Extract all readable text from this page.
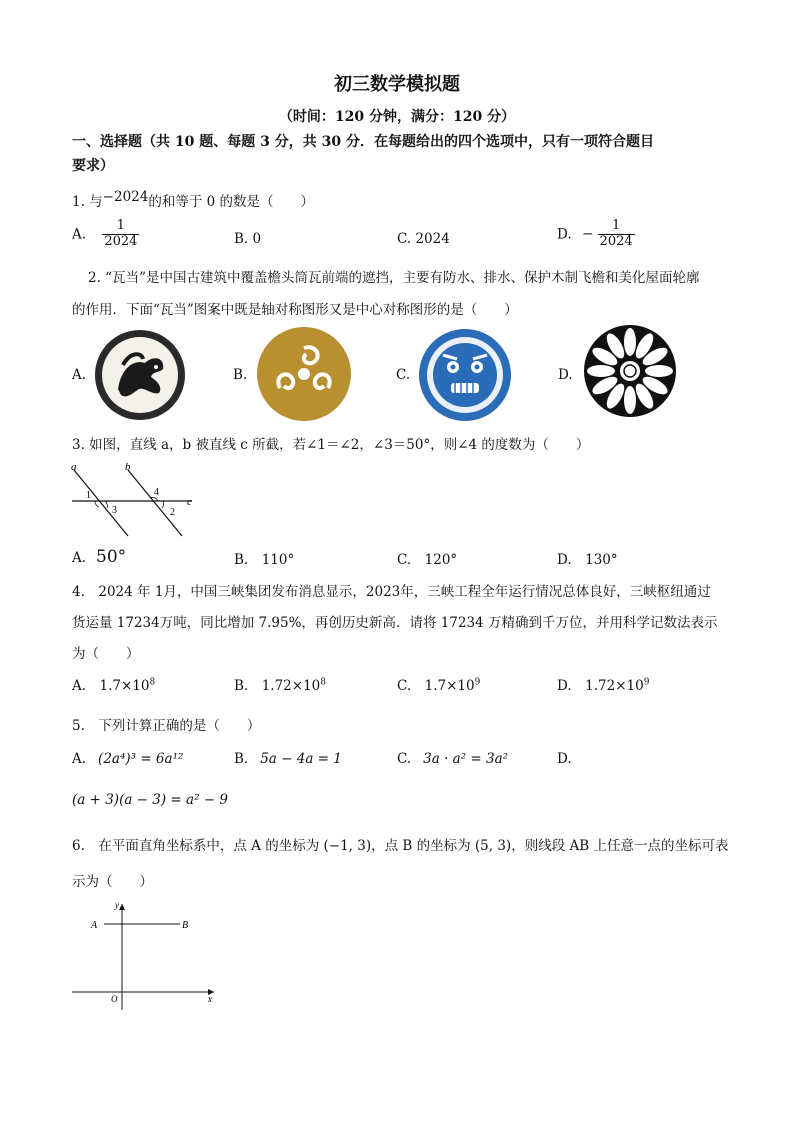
初三数学模拟题
（时间：120 分钟，满分：120 分）
一、选择题（共 10 题、每题 3 分，共 30 分．在每题给出的四个选项中，只有一项符合题目
要求）
1. 与−2024的和等于 0 的数是（　　）
A. $\frac{1}{2024}$	B. 0	C. 2024	D. − $\frac{1}{2024}$
2. “瓦当”是中国古建筑中覆盖檐头筒瓦前端的遮挡，主要有防水、排水、保护木制飞檐和美化屋面轮廓
的作用．下面“瓦当”图案中既是轴对称图形又是中心对称图形的是（　　）
A.	B.	C.	D.
3. 如图，直线 a，b 被直线 c 所截，若∠1＝∠2，∠3＝50°，则∠4 的度数为（　　）
a	b
c
1
3
4
2
A. 50°	B.　110°	C.　120°	D.　130°
4.　2024 年 1月，中国三峡集团发布消息显示，2023年，三峡工程全年运行情况总体良好，三峡枢纽通过
货运量 17234万吨，同比增加 7.95%，再创历史新高．请将 17234 万精确到千万位，并用科学记数法表示
为（　　）
A.　$1.7\times 10^8$	B.　$1.72\times 10^8$	C.　$1.7\times 10^9$	D.　$1.72\times 10^9$
5.　下列计算正确的是（　　）
A. (2a⁴)³ = 6a¹²	B. 5a − 4a = 1	C. 3a · a² = 3a²	D.
(a + 3)(a − 3) = a² − 9
6.　在平面直角坐标系中，点 A 的坐标为 (−1, 3)，点 B 的坐标为 (5, 3)，则线段 AB 上任意一点的坐标可表
示为（　　）
y
x
O
A	B
